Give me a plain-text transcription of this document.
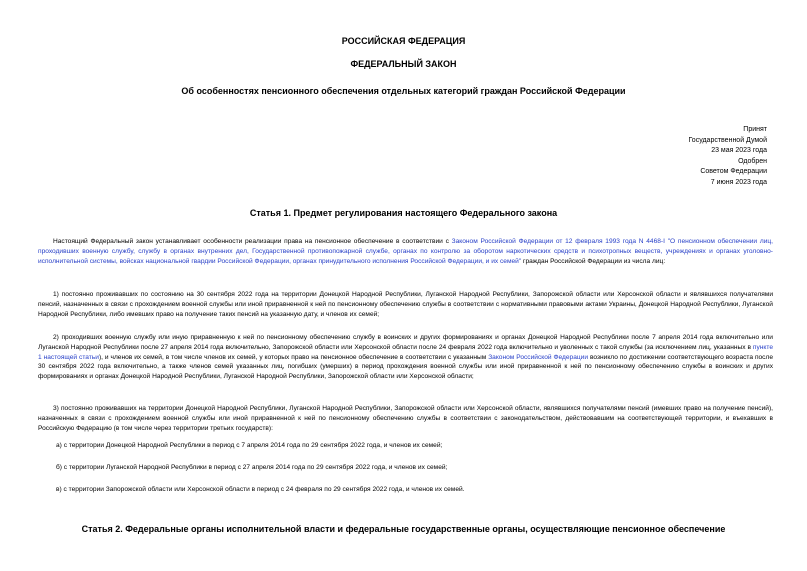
РОССИЙСКАЯ ФЕДЕРАЦИЯ
ФЕДЕРАЛЬНЫЙ ЗАКОН
Об особенностях пенсионного обеспечения отдельных категорий граждан Российской Федерации
Принят
Государственной Думой
23 мая 2023 года
Одобрен
Советом Федерации
7 июня 2023 года
Статья 1. Предмет регулирования настоящего Федерального закона
Настоящий Федеральный закон устанавливает особенности реализации права на пенсионное обеспечение в соответствии с Законом Российской Федерации от 12 февраля 1993 года N 4468-I "О пенсионном обеспечении лиц, проходивших военную службу, службу в органах внутренних дел, Государственной противопожарной службе, органах по контролю за оборотом наркотических средств и психотропных веществ, учреждениях и органах уголовно-исполнительной системы, войсках национальной гвардии Российской Федерации, органах принудительного исполнения Российской Федерации, и их семей" граждан Российской Федерации из числа лиц:
1) постоянно проживавших по состоянию на 30 сентября 2022 года на территории Донецкой Народной Республики, Луганской Народной Республики, Запорожской области или Херсонской области и являвшихся получателями пенсий, назначенных в связи с прохождением военной службы или иной приравненной к ней по пенсионному обеспечению службы в соответствии с нормативными правовыми актами Украины, Донецкой Народной Республики, Луганской Народной Республики, либо имевших право на получение таких пенсий на указанную дату, и членов их семей;
2) проходивших военную службу или иную приравненную к ней по пенсионному обеспечению службу в воинских и других формированиях и органах Донецкой Народной Республики после 7 апреля 2014 года включительно или Луганской Народной Республики после 27 апреля 2014 года включительно, Запорожской области или Херсонской области после 24 февраля 2022 года включительно и уволенных с такой службы (за исключением лиц, указанных в пункте 1 настоящей статьи), и членов их семей, в том числе членов их семей, у которых право на пенсионное обеспечение в соответствии с указанным Законом Российской Федерации возникло по достижении соответствующего возраста после 30 сентября 2022 года включительно, а также членов семей указанных лиц, погибших (умерших) в период прохождения военной службы или иной приравненной к ней по пенсионному обеспечению службы в воинских и других формированиях и органах Донецкой Народной Республики, Луганской Народной Республики, Запорожской области или Херсонской области;
3) постоянно проживавших на территории Донецкой Народной Республики, Луганской Народной Республики, Запорожской области или Херсонской области, являвшихся получателями пенсий (имевших право на получение пенсий), назначенных в связи с прохождением военной службы или иной приравненной к ней по пенсионному обеспечению службы в соответствии с законодательством, действовавшим на соответствующей территории, и въехавших в Российскую Федерацию (в том числе через территории третьих государств):
а) с территории Донецкой Народной Республики в период с 7 апреля 2014 года по 29 сентября 2022 года, и членов их семей;
б) с территории Луганской Народной Республики в период с 27 апреля 2014 года по 29 сентября 2022 года, и членов их семей;
в) с территории Запорожской области или Херсонской области в период с 24 февраля по 29 сентября 2022 года, и членов их семей.
Статья 2. Федеральные органы исполнительной власти и федеральные государственные органы, осуществляющие пенсионное обеспечение
